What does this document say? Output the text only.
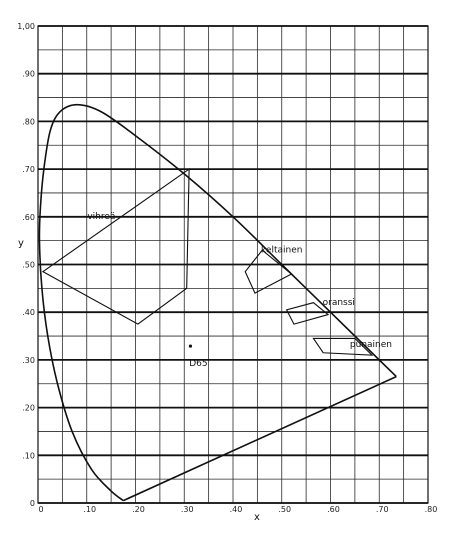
0	.10	.20	.30	.40	.50	.60	.70	.80
0
.10
.20
.30
.40
.50
.60
.70
.80
.90
1,00
vihreä
keltainen
oranssi
punainen
D65
x
y
